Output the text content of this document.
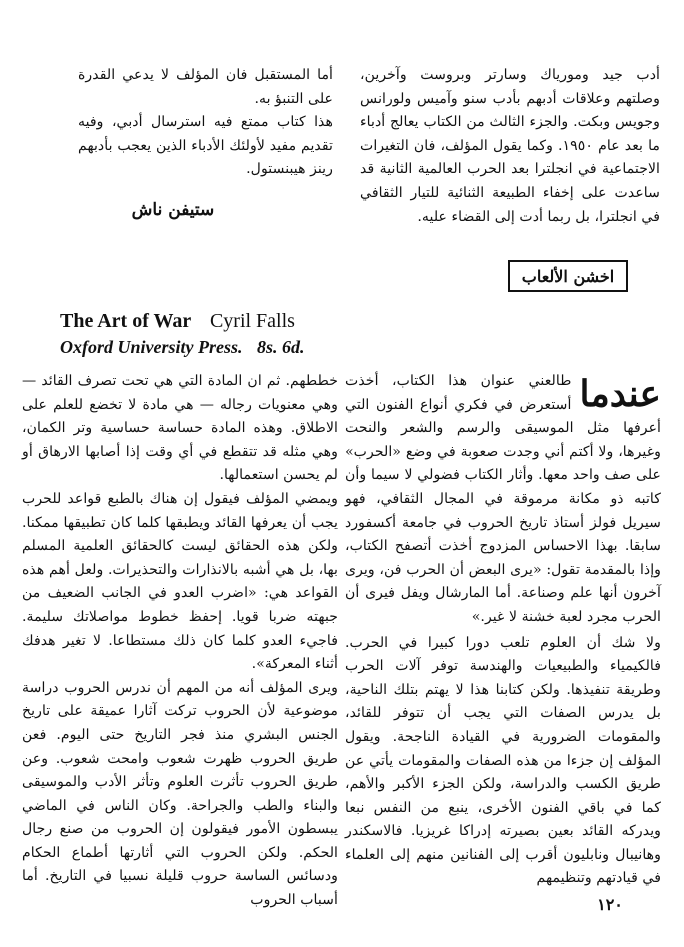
أدب جيد ومورياك وسارتر وبروست وآخرين، وصلتهم وعلاقات أدبهم بأدب سنو وآميس ولورانس وجويس وبكت. والجزء الثالث من الكتاب يعالج أدباء ما بعد عام ١٩٥٠. وكما يقول المؤلف، فان التغيرات الاجتماعية في انجلترا بعد الحرب العالمية الثانية قد ساعدت على إخفاء الطبيعة الثنائية للتيار الثقافي في انجلترا، بل ربما أدت إلى القضاء عليه.

أما المستقبل فان المؤلف لا يدعي القدرة على التنبؤ به.

هذا كتاب ممتع فيه استرسال أدبي، وفيه تقديم مفيد لأولئك الأدباء الذين يعجب بأدبهم رينز هيبنستول.

ستيفن ناش
اخشن الألعاب
The Art of War Cyril Falls
Oxford University Press. 8s. 6d.
عندما

طالعني عنوان هذا الكتاب، أخذت أستعرض في فكري أنواع الفنون التي أعرفها مثل الموسيقى والرسم والشعر والنحت وغيرها، ولا أكتم أني وجدت صعوبة في وضع «الحرب» على صف واحد معها. وأثار الكتاب فضولي لا سيما وأن كاتبه ذو مكانة مرموقة في المجال الثقافي، فهو سيريل فولز أستاذ تاريخ الحروب في جامعة أكسفورد سابقا. بهذا الاحساس المزدوج أخذت أتصفح الكتاب، وإذا بالمقدمة تقول: «يرى البعض أن الحرب فن، ويرى آخرون أنها علم وصناعة. أما المارشال ويفل فيرى أن الحرب مجرد لعبة خشنة لا غير.»

ولا شك أن العلوم تلعب دورا كبيرا في الحرب. فالكيمياء والطبيعيات والهندسة توفر آلات الحرب وطريقة تنفيذها. ولكن كتابنا هذا لا يهتم بتلك الناحية، بل يدرس الصفات التي يجب أن تتوفر للقائد، والمقومات الضرورية في القيادة الناجحة. ويقول المؤلف إن جزءا من هذه الصفات والمقومات يأتي عن طريق الكسب والدراسة، ولكن الجزء الأكبر والأهم، كما في باقي الفنون الأخرى، ينبع من النفس نبعا ويدركه القائد بعين بصيرته إدراكا غريزيا. فالاسكندر وهانيبال ونابليون أقرب إلى الفنانين منهم إلى العلماء في قيادتهم وتنظيمهم

خططهم. ثم ان المادة التي هي تحت تصرف القائد — وهي معنويات رجاله — هي مادة لا تخضع للعلم على الاطلاق. وهذه المادة حساسة حساسية وتر الكمان، وهي مثله قد تتقطع في أي وقت إذا أصابها الارهاق أو لم يحسن استعمالها.

ويمضي المؤلف فيقول إن هناك بالطبع قواعد للحرب يجب أن يعرفها القائد ويطبقها كلما كان تطبيقها ممكنا. ولكن هذه الحقائق ليست كالحقائق العلمية المسلم بها، بل هي أشبه بالانذارات والتحذيرات. ولعل أهم هذه القواعد هي: «اضرب العدو في الجانب الضعيف من جبهته ضربا قويا. إحفظ خطوط مواصلاتك سليمة. فاجيء العدو كلما كان ذلك مستطاعا. لا تغير هدفك أثناء المعركة».

ويرى المؤلف أنه من المهم أن ندرس الحروب دراسة موضوعية لأن الحروب تركت آثارا عميقة على تاريخ الجنس البشري منذ فجر التاريخ حتى اليوم. فعن طريق الحروب ظهرت شعوب وامحت شعوب. وعن طريق الحروب تأثرت العلوم وتأثر الأدب والموسيقى والبناء والطب والجراحة. وكان الناس في الماضي يبسطون الأمور فيقولون إن الحروب من صنع رجال الحكم. ولكن الحروب التي أثارتها أطماع الحكام ودسائس الساسة حروب قليلة نسبيا في التاريخ. أما أسباب الحروب	١٢٠
